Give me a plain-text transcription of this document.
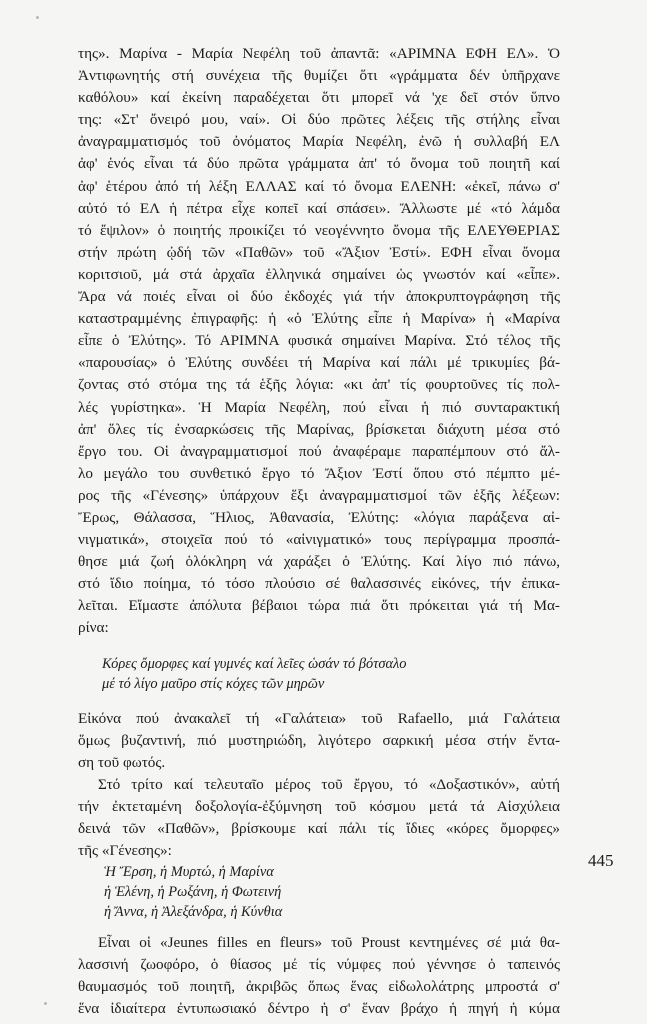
της». Μαρίνα - Μαρία Νεφέλη τοῦ ἀπαντᾶ: «ΑΡΙΜΝΑ ΕΦΗ ΕΛ». Ὁ
Ἀντιφωνητής στή συνέχεια τῆς θυμίζει ὅτι «γράμματα δέν ὑπῆρχανε
καθόλου» καί ἐκείνη παραδέχεται ὅτι μπορεῖ νά 'χε δεῖ στόν ὕπνο
της: «Στ' ὄνειρό μου, ναί». Οἱ δύο πρῶτες λέξεις τῆς στήλης εἶναι
ἀναγραμματισμός τοῦ ὀνόματος Μαρία Νεφέλη, ἐνῶ ἡ συλλαβή ΕΛ
ἀφ' ἑνός εἶναι τά δύο πρῶτα γράμματα ἀπ' τό ὄνομα τοῦ ποιητῆ καί
ἀφ' ἑτέρου ἀπό τή λέξη ΕΛΛΑΣ καί τό ὄνομα ΕΛΕΝΗ: «ἐκεῖ, πάνω σ'
αὐτό τό ΕΛ ἡ πέτρα εἶχε κοπεῖ καί σπάσει». Ἄλλωστε μέ «τό λάμδα
τό ἔψιλον» ὁ ποιητής προικίζει τό νεογέννητο ὄνομα τῆς ΕΛΕΥΘΕΡΙΑΣ
στήν πρώτη ᾠδή τῶν «Παθῶν» τοῦ «Ἄξιον Ἐστί». ΕΦΗ εἶναι ὄνομα
κοριτσιοῦ, μά στά ἀρχαῖα ἑλληνικά σημαίνει ὡς γνωστόν καί «εἶπε».
Ἄρα νά ποιές εἶναι οἱ δύο ἐκδοχές γιά τήν ἀποκρυπτογράφηση τῆς
καταστραμμένης ἐπιγραφῆς: ἡ «ὁ Ἐλύτης εἶπε ἡ Μαρίνα» ἡ «Μαρίνα
εἶπε ὁ Ἐλύτης». Τό ΑΡΙΜΝΑ φυσικά σημαίνει Μαρίνα. Στό τέλος τῆς
«παρουσίας» ὁ Ἐλύτης συνδέει τή Μαρίνα καί πάλι μέ τρικυμίες βά-
ζοντας στό στόμα της τά ἑξῆς λόγια: «κι ἀπ' τίς φουρτοῦνες τίς πολ-
λές γυρίστηκα». Ἡ Μαρία Νεφέλη, πού εἶναι ἡ πιό συνταρακτική
ἀπ' ὅλες τίς ἐνσαρκώσεις τῆς Μαρίνας, βρίσκεται διάχυτη μέσα στό
ἔργο του. Οἱ ἀναγραμματισμοί πού ἀναφέραμε παραπέμπουν στό ἄλ-
λο μεγάλο του συνθετικό ἔργο τό Ἄξιον Ἐστί ὅπου στό πέμπτο μέ-
ρος τῆς «Γένεσης» ὑπάρχουν ἕξι ἀναγραμματισμοί τῶν ἑξῆς λέξεων:
Ἔρως, Θάλασσα, Ἥλιος, Ἀθανασία, Ἐλύτης: «λόγια παράξενα αἰ-
νιγματικά», στοιχεῖα πού τό «αἰνιγματικό» τους περίγραμμα προσπά-
θησε μιά ζωή ὁλόκληρη νά χαράξει ὁ Ἐλύτης. Καί λίγο πιό πάνω,
στό ἴδιο ποίημα, τό τόσο πλούσιο σέ θαλασσινές εἰκόνες, τήν ἐπικα-
λεῖται. Εἴμαστε ἀπόλυτα βέβαιοι τώρα πιά ὅτι πρόκειται γιά τή Μα-
ρίνα:
Κόρες ὄμορφες καί γυμνές καί λεῖες ὡσάν τό βότσαλο
μέ τό λίγο μαῦρο στίς κόχες τῶν μηρῶν
Εἰκόνα πού ἀνακαλεῖ τή «Γαλάτεια» τοῦ Rafaello, μιά Γαλάτεια
ὅμως βυζαντινή, πιό μυστηριώδη, λιγότερο σαρκική μέσα στήν ἔντα-
ση τοῦ φωτός.
Στό τρίτο καί τελευταῖο μέρος τοῦ ἔργου, τό «Δοξαστικόν», αὐτή
τήν ἐκτεταμένη δοξολογία-ἐξύμνηση τοῦ κόσμου μετά τά Αἰσχύλεια
δεινά τῶν «Παθῶν», βρίσκουμε καί πάλι τίς ἴδιες «κόρες ὄμορφες»
τῆς «Γένεσης»:
Ἡ Ἔρση, ἡ Μυρτώ, ἡ Μαρίνα
ἡ Ἑλένη, ἡ Ρωξάνη, ἡ Φωτεινή
ἡ Ἄννα, ἡ Ἀλεξάνδρα, ἡ Κύνθια
Εἶναι οἱ «Jeunes filles en fleurs» τοῦ Proust κεντημένες σέ μιά θα-
λασσινή ζωοφόρο, ὁ θίασος μέ τίς νύμφες πού γέννησε ὁ ταπεινός
θαυμασμός τοῦ ποιητῆ, ἀκριβῶς ὅπως ἕνας εἰδωλολάτρης μπροστά σ'
ἕνα ἰδιαίτερα ἐντυπωσιακό δέντρο ἡ σ' ἕναν βράχο ἡ πηγή ἡ κύμα
445
